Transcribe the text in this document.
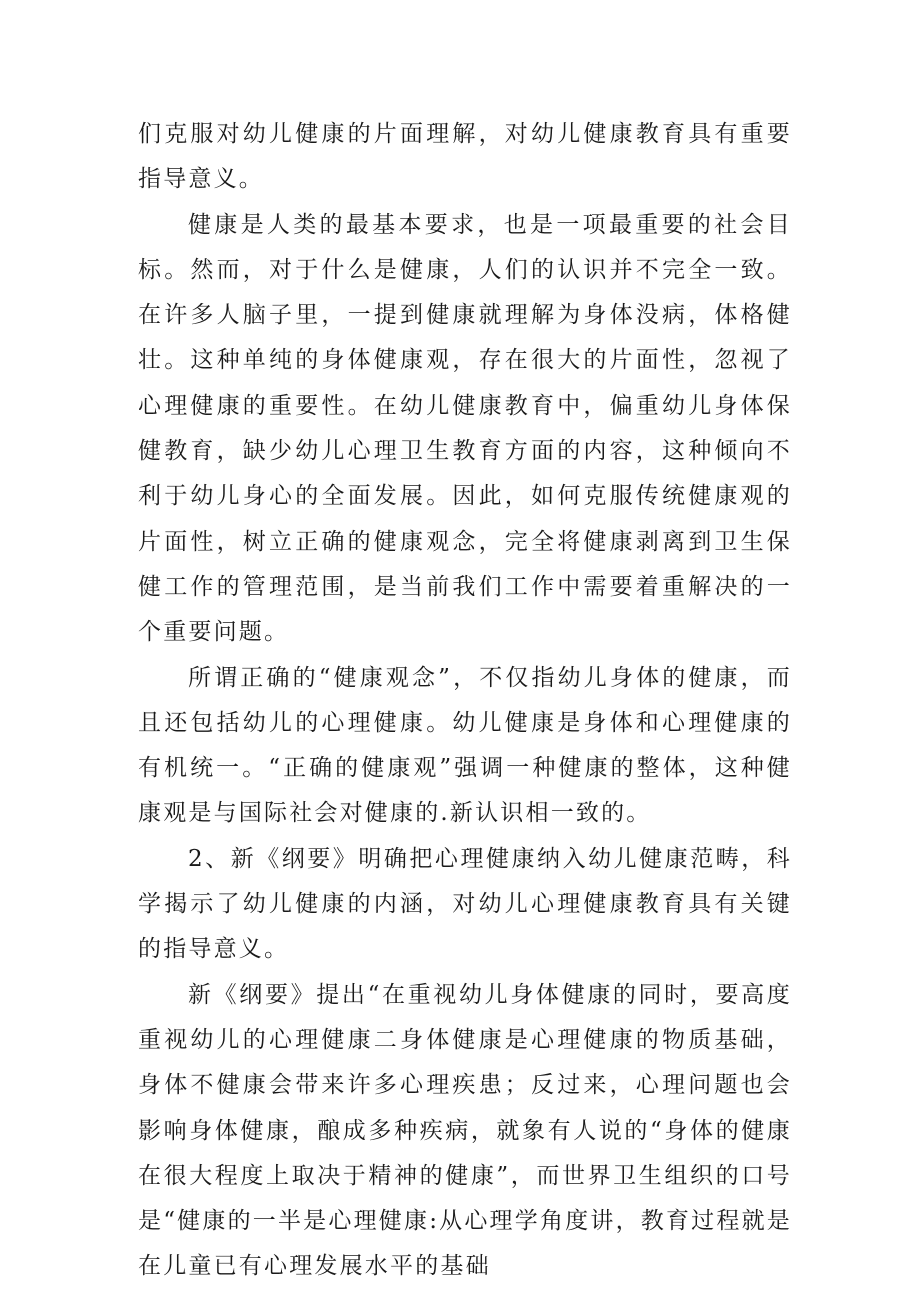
们克服对幼儿健康的片面理解，对幼儿健康教育具有重要指导意义。

健康是人类的最基本要求，也是一项最重要的社会目标。然而，对于什么是健康，人们的认识并不完全一致。在许多人脑子里，一提到健康就理解为身体没病，体格健壮。这种单纯的身体健康观，存在很大的片面性，忽视了心理健康的重要性。在幼儿健康教育中，偏重幼儿身体保健教育，缺少幼儿心理卫生教育方面的内容，这种倾向不利于幼儿身心的全面发展。因此，如何克服传统健康观的片面性，树立正确的健康观念，完全将健康剥离到卫生保健工作的管理范围，是当前我们工作中需要着重解决的一个重要问题。

所谓正确的“健康观念”，不仅指幼儿身体的健康，而且还包括幼儿的心理健康。幼儿健康是身体和心理健康的有机统一。“正确的健康观”强调一种健康的整体，这种健康观是与国际社会对健康的.新认识相一致的。

2、新《纲要》明确把心理健康纳入幼儿健康范畴，科学揭示了幼儿健康的内涵，对幼儿心理健康教育具有关键的指导意义。

新《纲要》提出“在重视幼儿身体健康的同时，要高度重视幼儿的心理健康二身体健康是心理健康的物质基础，身体不健康会带来许多心理疾患；反过来，心理问题也会影响身体健康，酿成多种疾病，就象有人说的“身体的健康在很大程度上取决于精神的健康”，而世界卫生组织的口号是“健康的一半是心理健康:从心理学角度讲，教育过程就是在儿童已有心理发展水平的基础
